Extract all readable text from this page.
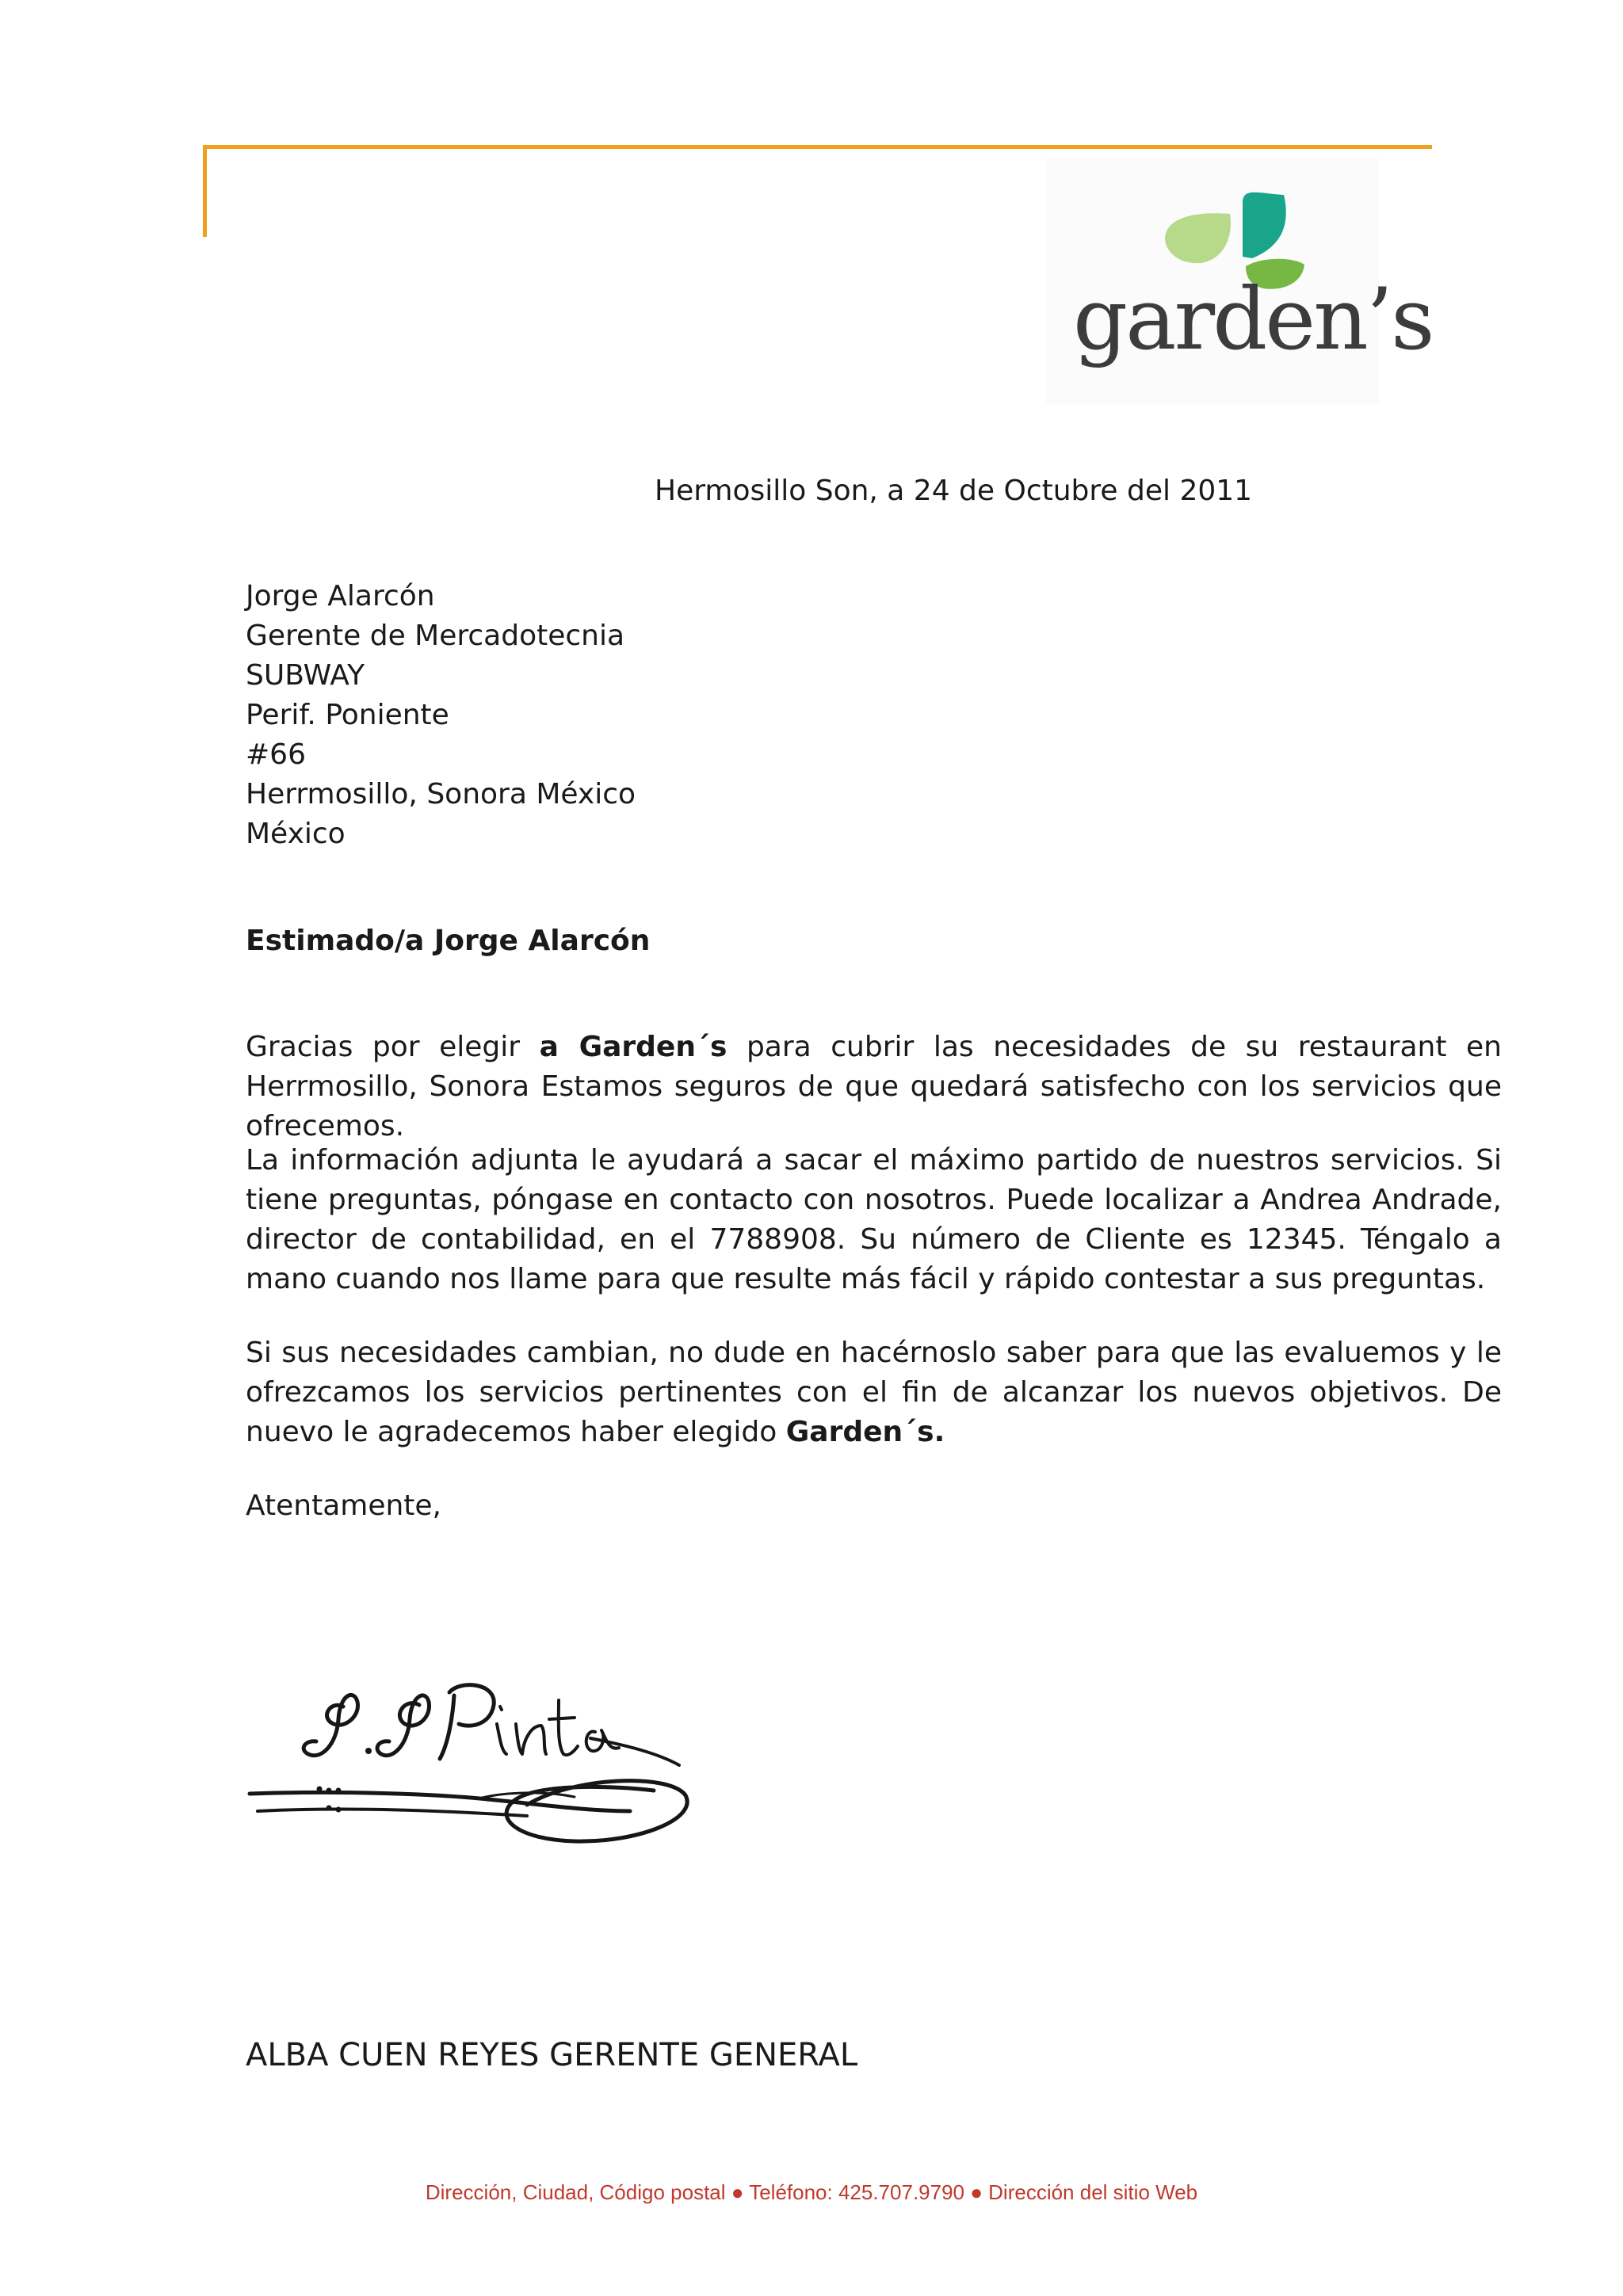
garden’s
Hermosillo Son, a 24 de Octubre del 2011
Jorge Alarcón
Gerente de Mercadotecnia
SUBWAY
Perif. Poniente
#66
Herrmosillo, Sonora México
México
Estimado/a Jorge Alarcón
Gracias por elegir a Garden´s para cubrir las necesidades de su restaurant en Herrmosillo, Sonora Estamos seguros de que quedará satisfecho con los servicios que ofrecemos.
La información adjunta le ayudará a sacar el máximo partido de nuestros servicios. Si tiene preguntas, póngase en contacto con nosotros. Puede localizar a Andrea Andrade, director de contabilidad, en el 7788908. Su número de Cliente es 12345. Téngalo a mano cuando nos llame para que resulte más fácil y rápido contestar a sus preguntas.
Si sus necesidades cambian, no dude en hacérnoslo saber para que las evaluemos y le ofrezcamos los servicios pertinentes con el fin de alcanzar los nuevos objetivos. De nuevo le agradecemos haber elegido Garden´s.
Atentamente,
ALBA CUEN REYES GERENTE GENERAL
Dirección, Ciudad, Código postal ● Teléfono: 425.707.9790 ● Dirección del sitio Web
